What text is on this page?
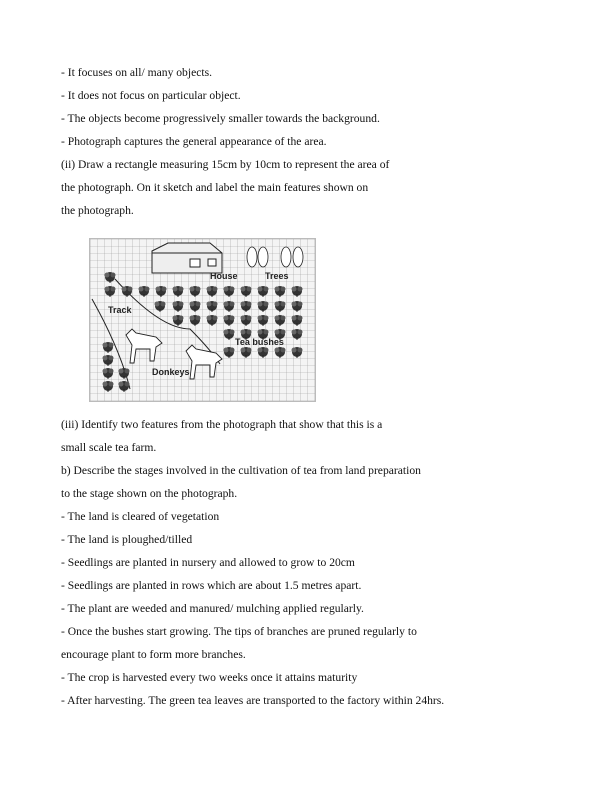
- It focuses on all/ many objects.
- It does not focus on particular object.
- The objects become progressively smaller towards the background.
- Photograph captures the general appearance of the area.
(ii) Draw a rectangle measuring 15cm by 10cm to represent the area of
the photograph. On it sketch and label the main features shown on
the photograph.
House	Trees
Track
Tea bushes
Donkeys
(iii) Identify two features from the photograph that show that this is a
small scale tea farm.
b) Describe the stages involved in the cultivation of tea from land preparation
to the stage shown on the photograph.
- The land is cleared of vegetation
- The land is ploughed/tilled
- Seedlings are planted in nursery and allowed to grow to 20cm
- Seedlings are planted in rows which are about 1.5 metres apart.
- The plant are weeded and manured/ mulching applied regularly.
- Once the bushes start growing. The tips of branches are pruned regularly to
encourage plant to form more branches.
- The crop is harvested every two weeks once it attains maturity
- After harvesting. The green tea leaves are transported to the factory within 24hrs.
